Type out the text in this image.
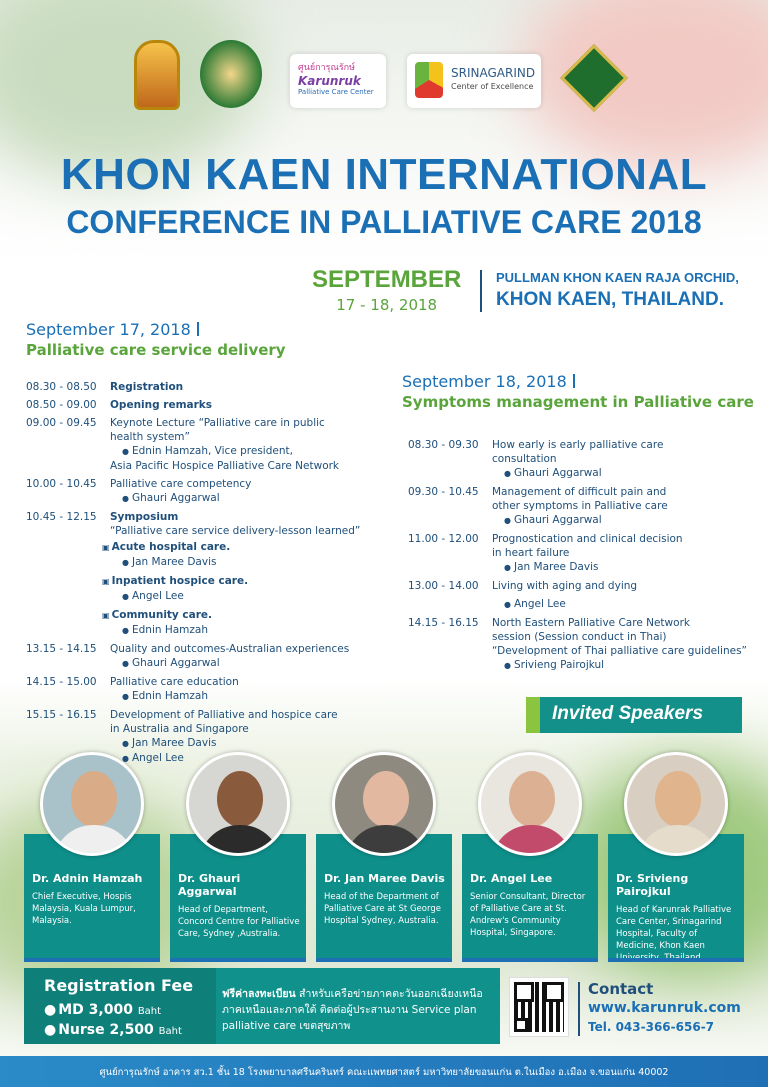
ศูนย์การุณรักษ์
Karunruk
Palliative Care Center
SRINAGARIND
Center of Excellence
KHON KAEN INTERNATIONAL
CONFERENCE IN PALLIATIVE CARE 2018
SEPTEMBER
17 - 18, 2018
PULLMAN KHON KAEN RAJA ORCHID,
KHON KAEN, THAILAND.
September 17, 2018
Palliative care service delivery
08.30 - 08.50	Registration
08.50 - 09.00	Opening remarks
09.00 - 09.45	Keynote Lecture “Palliative care in public
health system”
● Ednin Hamzah, Vice president,
Asia Pacific Hospice Palliative Care Network
10.00 - 10.45	Palliative care competency
● Ghauri Aggarwal
10.45 - 12.15	Symposium
“Palliative care service delivery-lesson learned”
▣ Acute hospital care.
● Jan Maree Davis
▣ Inpatient hospice care.
● Angel Lee
▣ Community care.
● Ednin Hamzah
13.15 - 14.15	Quality and outcomes-Australian experiences
● Ghauri Aggarwal
14.15 - 15.00	Palliative care education
● Ednin Hamzah
15.15 - 16.15	Development of Palliative and hospice care
in Australia and Singapore
● Jan Maree Davis
● Angel Lee
September 18, 2018
Symptoms management in Palliative care
08.30 - 09.30	How early is early palliative care
consultation
● Ghauri Aggarwal
09.30 - 10.45	Management of difficult pain and
other symptoms in Palliative care
● Ghauri Aggarwal
11.00 - 12.00	Prognostication and clinical decision
in heart failure
● Jan Maree Davis
13.00 - 14.00	Living with aging and dying
● Angel Lee
14.15 - 16.15	North Eastern Palliative Care Network
session (Session conduct in Thai)
“Development of Thai palliative care guidelines”
● Srivieng Pairojkul
Invited Speakers
Dr. Adnin Hamzah
Chief Executive, Hospis Malaysia, Kuala Lumpur, Malaysia.
Dr. Ghauri Aggarwal
Head of Department, Concord Centre for Palliative Care, Sydney ,Australia.
Dr. Jan Maree Davis
Head of the Department of Palliative Care at St George Hospital Sydney, Australia.
Dr. Angel Lee
Senior Consultant, Director of Palliative Care at St. Andrew's Community Hospital, Singapore.
Dr. Srivieng Pairojkul
Head of Karunrak Palliative Care Center, Srinagarind Hospital, Faculty of Medicine, Khon Kaen
Registration Fee
● MD 3,000 Baht
● Nurse 2,500 Baht
ฟรีค่าลงทะเบียน สำหรับเครือข่ายภาคตะวันออกเฉียงเหนือ ภาคเหนือและภาคใต้ ติดต่อผู้ประสานงาน Service plan palliative care เขตสุขภาพ
Contact
www.karunruk.com
Tel. 043-366-656-7
ศูนย์การุณรักษ์ อาคาร สว.1 ชั้น 18 โรงพยาบาลศรีนครินทร์ คณะแพทยศาสตร์ มหาวิทยาลัยขอนแก่น ต.ในเมือง อ.เมือง จ.ขอนแก่น 40002
